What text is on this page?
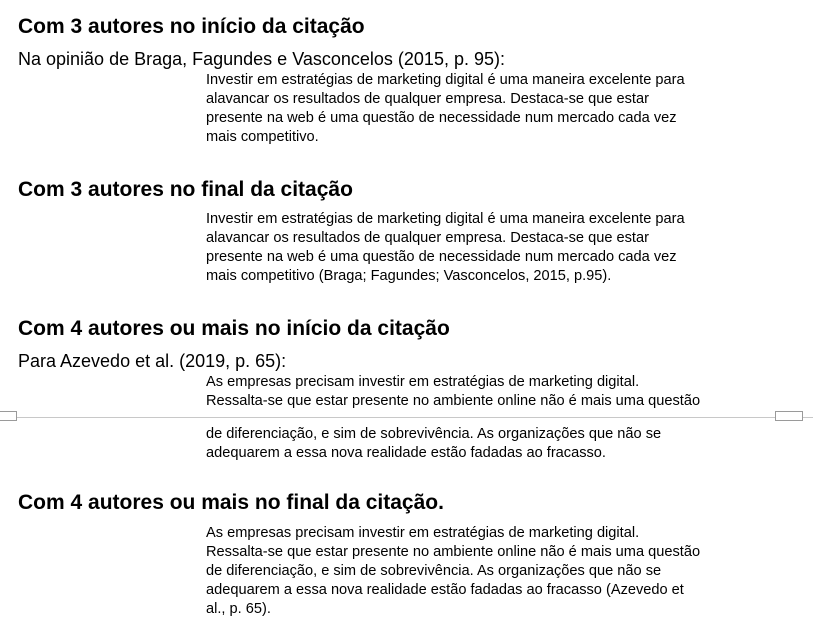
Com 3 autores no início da citação
Na opinião de Braga, Fagundes e Vasconcelos (2015, p. 95):
Investir em estratégias de marketing digital é uma maneira excelente para
alavancar os resultados de qualquer empresa. Destaca-se que estar
presente na web é uma questão de necessidade num mercado cada vez
mais competitivo.
Com 3 autores no final da citação
Investir em estratégias de marketing digital é uma maneira excelente para
alavancar os resultados de qualquer empresa. Destaca-se que estar
presente na web é uma questão de necessidade num mercado cada vez
mais competitivo (Braga; Fagundes; Vasconcelos, 2015, p.95).
Com 4 autores ou mais no início da citação
Para Azevedo et al. (2019, p. 65):
As empresas precisam investir em estratégias de marketing digital.
Ressalta-se que estar presente no ambiente online não é mais uma questão
de diferenciação, e sim de sobrevivência. As organizações que não se
adequarem a essa nova realidade estão fadadas ao fracasso.
Com 4 autores ou mais no final da citação.
As empresas precisam investir em estratégias de marketing digital.
Ressalta-se que estar presente no ambiente online não é mais uma questão
de diferenciação, e sim de sobrevivência. As organizações que não se
adequarem a essa nova realidade estão fadadas ao fracasso (Azevedo et
al., p. 65).
